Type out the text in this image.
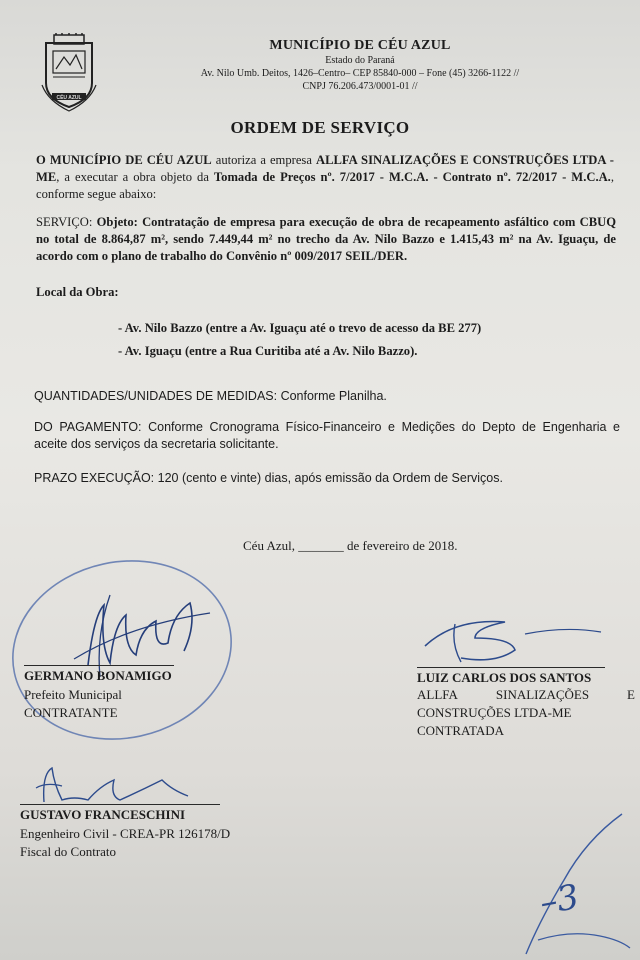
CÉU AZUL
MUNICÍPIO DE CÉU AZUL
Estado do Paraná
Av. Nilo Umb. Deitos, 1426–Centro– CEP 85840-000 – Fone (45) 3266-1122 //
CNPJ 76.206.473/0001-01 //
ORDEM DE SERVIÇO
O MUNICÍPIO DE CÉU AZUL autoriza a empresa ALLFA SINALIZAÇÕES E CONSTRUÇÕES LTDA - ME, a executar a obra objeto da Tomada de Preços nº. 7/2017 - M.C.A. - Contrato nº. 72/2017 - M.C.A., conforme segue abaixo:
SERVIÇO: Objeto: Contratação de empresa para execução de obra de recapeamento asfáltico com CBUQ no total de 8.864,87 m², sendo 7.449,44 m² no trecho da Av. Nilo Bazzo e 1.415,43 m² na Av. Iguaçu, de acordo com o plano de trabalho do Convênio nº 009/2017 SEIL/DER.
Local da Obra:
- Av. Nilo Bazzo (entre a Av. Iguaçu até o trevo de acesso da BE 277)
- Av. Iguaçu (entre a Rua Curitiba até a Av. Nilo Bazzo).
QUANTIDADES/UNIDADES DE MEDIDAS: Conforme Planilha.
DO PAGAMENTO: Conforme Cronograma Físico-Financeiro e Medições do Depto de Engenharia e aceite dos serviços da secretaria solicitante.
PRAZO EXECUÇÃO: 120 (cento e vinte) dias, após emissão da Ordem de Serviços.
Céu Azul, _______ de fevereiro de 2018.
GERMANO BONAMIGO
Prefeito Municipal
CONTRATANTE
LUIZ CARLOS DOS SANTOS
ALLFA	SINALIZAÇÕES	E
CONSTRUÇÕES LTDA-ME
CONTRATADA
GUSTAVO FRANCESCHINI
Engenheiro Civil - CREA-PR 126178/D
Fiscal do Contrato
–3
